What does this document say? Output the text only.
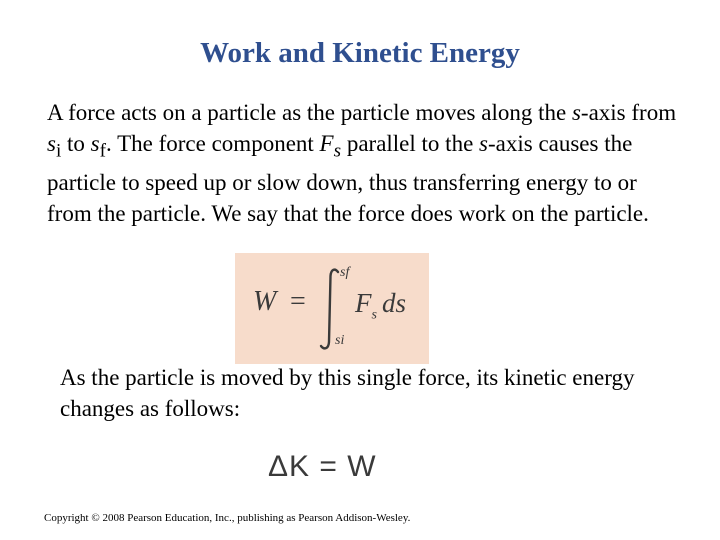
Work and Kinetic Energy

A force acts on a particle as the particle moves along the s-axis from $s_i$ to $s_f$. The force component $F_s$ parallel to the s-axis causes the particle to speed up or slow down, thus transferring energy to or from the particle. We say that the force does work on the particle.

W =
sf
si
$F_s$ ds

As the particle is moved by this single force, its kinetic energy changes as follows:

ΔK = W
Copyright © 2008 Pearson Education, Inc., publishing as Pearson Addison-Wesley.
